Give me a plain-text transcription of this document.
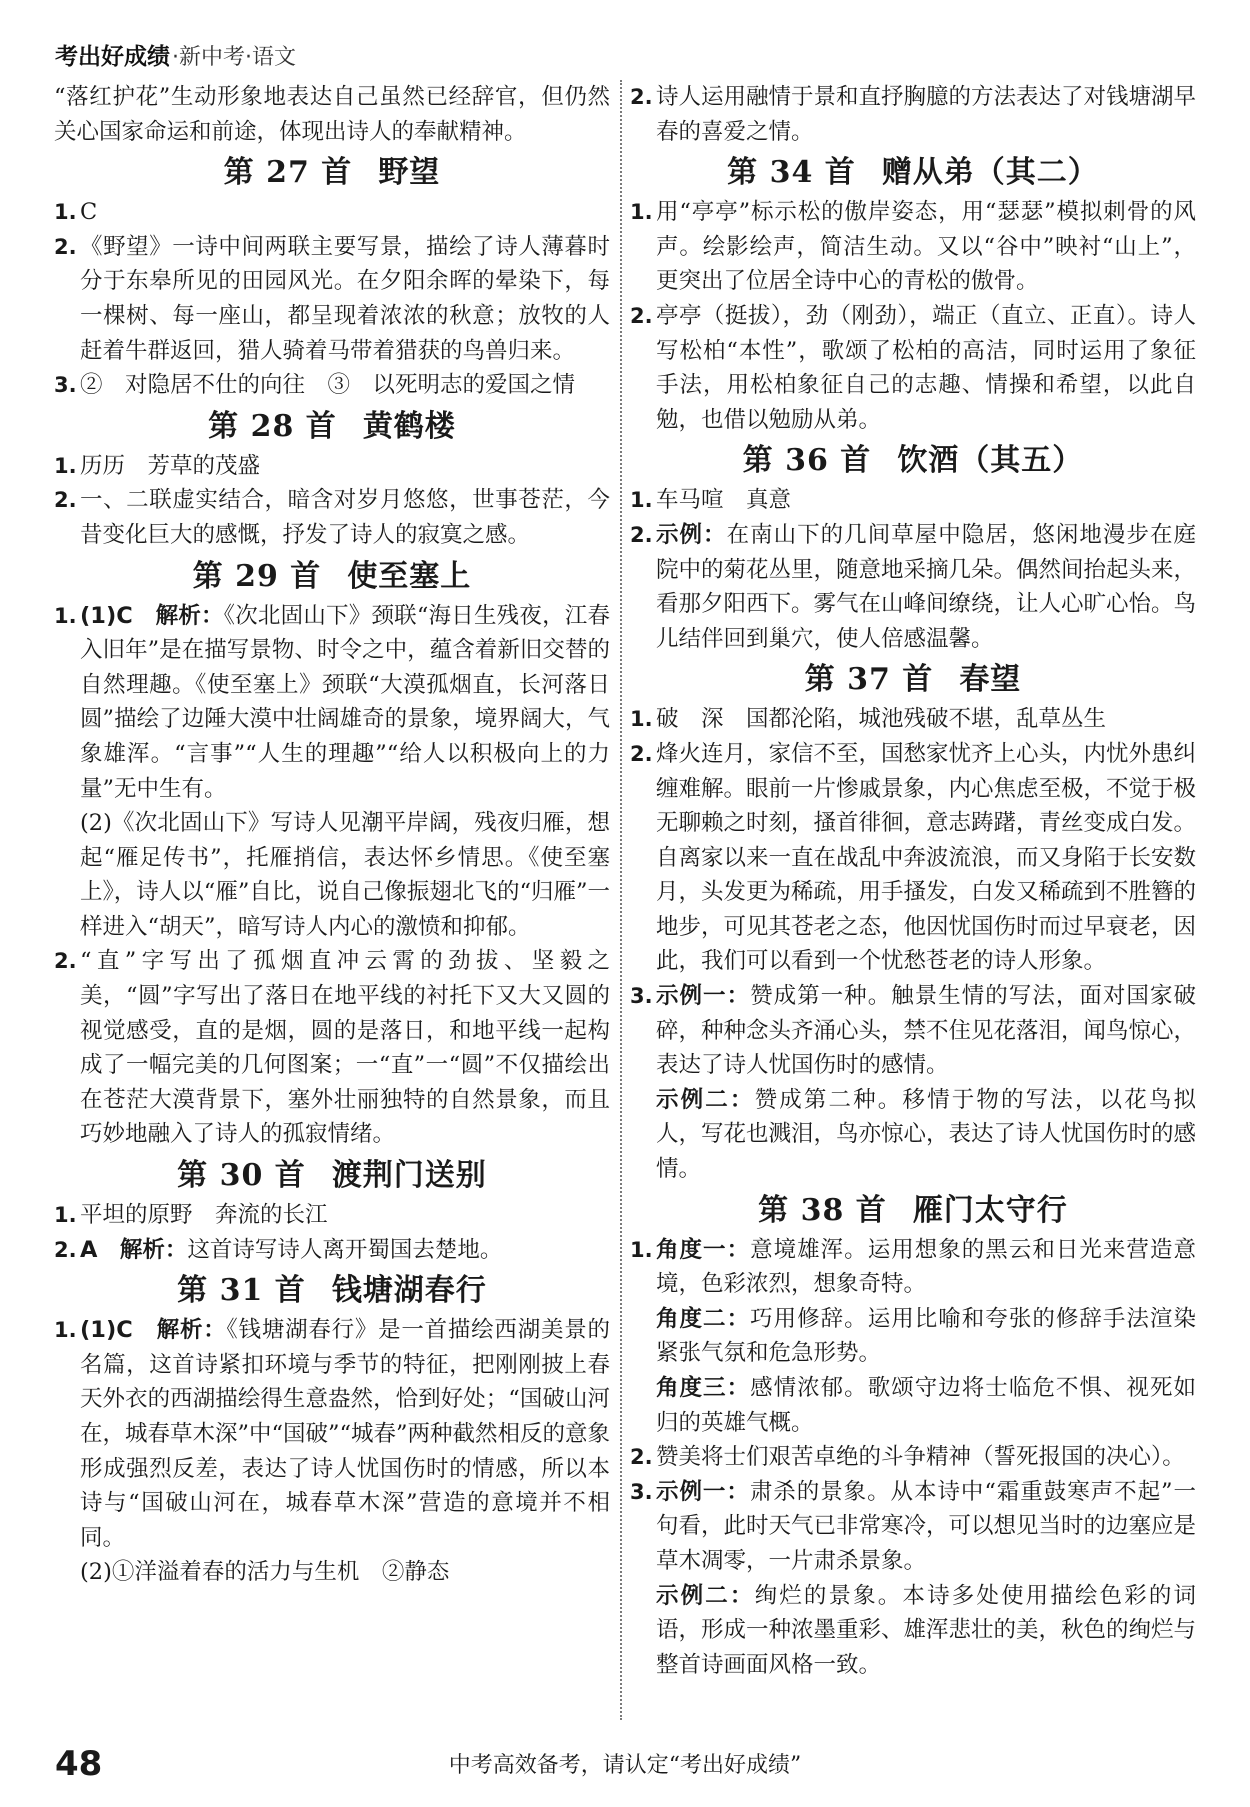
考出好成绩 ·新中考·语文

“落红护花”生动形象地表达自己虽然已经辞官，但仍然关心国家命运和前途，体现出诗人的奉献精神。

第 27 首 野望
1. C

2. 《野望》一诗中间两联主要写景，描绘了诗人薄暮时分于东皋所见的田园风光。在夕阳余晖的晕染下，每一棵树、每一座山，都呈现着浓浓的秋意；放牧的人赶着牛群返回，猎人骑着马带着猎获的鸟兽归来。

3. ②　对隐居不仕的向往　③　以死明志的爱国之情

第 28 首 黄鹤楼
1. 历历　芳草的茂盛

2. 一、二联虚实结合，暗含对岁月悠悠，世事苍茫，今昔变化巨大的感慨，抒发了诗人的寂寞之感。

第 29 首 使至塞上
1. (1)C　解析：《次北固山下》颈联“海日生残夜，江春入旧年”是在描写景物、时令之中，蕴含着新旧交替的自然理趣。《使至塞上》颈联“大漠孤烟直，长河落日圆”描绘了边陲大漠中壮阔雄奇的景象，境界阔大，气象雄浑。“言事”“人生的理趣”“给人以积极向上的力量”无中生有。

(2)《次北固山下》写诗人见潮平岸阔，残夜归雁，想起“雁足传书”，托雁捎信，表达怀乡情思。《使至塞上》，诗人以“雁”自比，说自己像振翅北飞的“归雁”一样进入“胡天”，暗写诗人内心的激愤和抑郁。

2. “直”字写出了孤烟直冲云霄的劲拔、坚毅之美，“圆”字写出了落日在地平线的衬托下又大又圆的视觉感受，直的是烟，圆的是落日，和地平线一起构成了一幅完美的几何图案；一“直”一“圆”不仅描绘出在苍茫大漠背景下，塞外壮丽独特的自然景象，而且巧妙地融入了诗人的孤寂情绪。

第 30 首 渡荆门送别
1. 平坦的原野　奔流的长江

2. A　解析：这首诗写诗人离开蜀国去楚地。

第 31 首 钱塘湖春行
1. (1)C　解析：《钱塘湖春行》是一首描绘西湖美景的名篇，这首诗紧扣环境与季节的特征，把刚刚披上春天外衣的西湖描绘得生意盎然，恰到好处；“国破山河在，城春草木深”中“国破”“城春”两种截然相反的意象形成强烈反差，表达了诗人忧国伤时的情感，所以本诗与“国破山河在，城春草木深”营造的意境并不相同。

(2)①洋溢着春的活力与生机　②静态

2. 诗人运用融情于景和直抒胸臆的方法表达了对钱塘湖早春的喜爱之情。

第 34 首 赠从弟（其二）
1. 用“亭亭”标示松的傲岸姿态，用“瑟瑟”模拟刺骨的风声。绘影绘声，简洁生动。又以“谷中”映衬“山上”，更突出了位居全诗中心的青松的傲骨。

2. 亭亭（挺拔），劲（刚劲），端正（直立、正直）。诗人写松柏“本性”，歌颂了松柏的高洁，同时运用了象征手法，用松柏象征自己的志趣、情操和希望，以此自勉，也借以勉励从弟。

第 36 首 饮酒（其五）
1. 车马喧　真意

2. 示例：在南山下的几间草屋中隐居，悠闲地漫步在庭院中的菊花丛里，随意地采摘几朵。偶然间抬起头来，看那夕阳西下。雾气在山峰间缭绕，让人心旷心怡。鸟儿结伴回到巢穴，使人倍感温馨。

第 37 首 春望
1. 破　深　国都沦陷，城池残破不堪，乱草丛生

2. 烽火连月，家信不至，国愁家忧齐上心头，内忧外患纠缠难解。眼前一片惨戚景象，内心焦虑至极，不觉于极无聊赖之时刻，搔首徘徊，意志踌躇，青丝变成白发。自离家以来一直在战乱中奔波流浪，而又身陷于长安数月，头发更为稀疏，用手搔发，白发又稀疏到不胜簪的地步，可见其苍老之态，他因忧国伤时而过早衰老，因此，我们可以看到一个忧愁苍老的诗人形象。

3. 示例一：赞成第一种。触景生情的写法，面对国家破碎，种种念头齐涌心头，禁不住见花落泪，闻鸟惊心，表达了诗人忧国伤时的感情。

示例二：赞成第二种。移情于物的写法，以花鸟拟人，写花也溅泪，鸟亦惊心，表达了诗人忧国伤时的感情。

第 38 首 雁门太守行
1. 角度一：意境雄浑。运用想象的黑云和日光来营造意境，色彩浓烈，想象奇特。

角度二：巧用修辞。运用比喻和夸张的修辞手法渲染紧张气氛和危急形势。

角度三：感情浓郁。歌颂守边将士临危不惧、视死如归的英雄气概。

2. 赞美将士们艰苦卓绝的斗争精神（誓死报国的决心）。

3. 示例一：肃杀的景象。从本诗中“霜重鼓寒声不起”一句看，此时天气已非常寒冷，可以想见当时的边塞应是草木凋零，一片肃杀景象。

示例二：绚烂的景象。本诗多处使用描绘色彩的词语，形成一种浓墨重彩、雄浑悲壮的美，秋色的绚烂与整首诗画面风格一致。

48	中考高效备考，请认定“考出好成绩”
